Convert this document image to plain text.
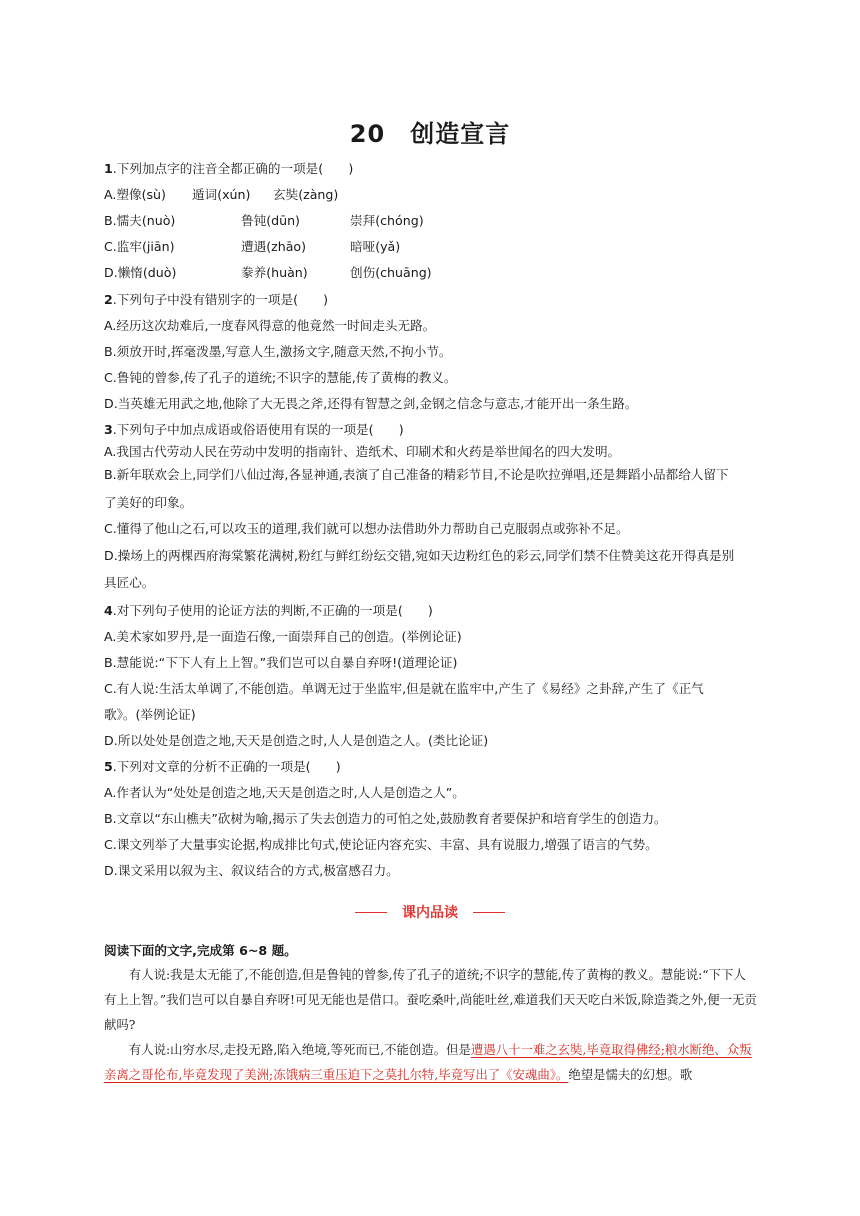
20　创造宣言
1.下列加点字的注音全都正确的一项是(　　)
A.塑像(sù) 遁词(xún) 玄奘(zàng)
B.懦夫(nuò)	鲁钝(dūn)	崇拜(chóng)
C.监牢(jiān)	遭遇(zhāo)	暗哑(yǎ)
D.懒惰(duò)	豢养(huàn)	创伤(chuāng)
2.下列句子中没有错别字的一项是(　　)
A.经历这次劫难后,一度春风得意的他竟然一时间走头无路。
B.须放开时,挥毫泼墨,写意人生,激扬文字,随意天然,不拘小节。
C.鲁钝的曾参,传了孔子的道统;不识字的慧能,传了黄梅的教义。
D.当英雄无用武之地,他除了大无畏之斧,还得有智慧之剑,金钢之信念与意志,才能开出一条生路。
3.下列句子中加点成语或俗语使用有误的一项是(　　)
A.我国古代劳动人民在劳动中发明的指南针、造纸术、印刷术和火药是举世闻名的四大发明。
B.新年联欢会上,同学们八仙过海,各显神通,表演了自己准备的精彩节目,不论是吹拉弹唱,还是舞蹈小品都给人留下
了美好的印象。
C.懂得了他山之石,可以攻玉的道理,我们就可以想办法借助外力帮助自己克服弱点或弥补不足。
D.操场上的两棵西府海棠繁花满树,粉红与鲜红纷纭交错,宛如天边粉红色的彩云,同学们禁不住赞美这花开得真是别
具匠心。
4.对下列句子使用的论证方法的判断,不正确的一项是(　　)
A.美术家如罗丹,是一面造石像,一面崇拜自己的创造。(举例论证)
B.慧能说:“下下人有上上智。”我们岂可以自暴自弃呀!(道理论证)
C.有人说:生活太单调了,不能创造。单调无过于坐监牢,但是就在监牢中,产生了《易经》之卦辞,产生了《正气
歌》。(举例论证)
D.所以处处是创造之地,天天是创造之时,人人是创造之人。(类比论证)
5.下列对文章的分析不正确的一项是(　　)
A.作者认为“处处是创造之地,天天是创造之时,人人是创造之人”。
B.文章以“东山樵夫”砍树为喻,揭示了失去创造力的可怕之处,鼓励教育者要保护和培育学生的创造力。
C.课文列举了大量事实论据,构成排比句式,使论证内容充实、丰富、具有说服力,增强了语言的气势。
D.课文采用以叙为主、叙议结合的方式,极富感召力。
课内品读
阅读下面的文字,完成第 6~8 题。
有人说:我是太无能了,不能创造,但是鲁钝的曾参,传了孔子的道统;不识字的慧能,传了黄梅的教义。慧能说:“下下人有上上智。”我们岂可以自暴自弃呀!可见无能也是借口。蚕吃桑叶,尚能吐丝,难道我们天天吃白米饭,除造粪之外,便一无贡献吗?
有人说:山穷水尽,走投无路,陷入绝境,等死而已,不能创造。但是遭遇八十一难之玄奘,毕竟取得佛经;粮水断绝、众叛亲离之哥伦布,毕竟发现了美洲;冻饿病三重压迫下之莫扎尔特,毕竟写出了《安魂曲》。绝望是懦夫的幻想。歌
